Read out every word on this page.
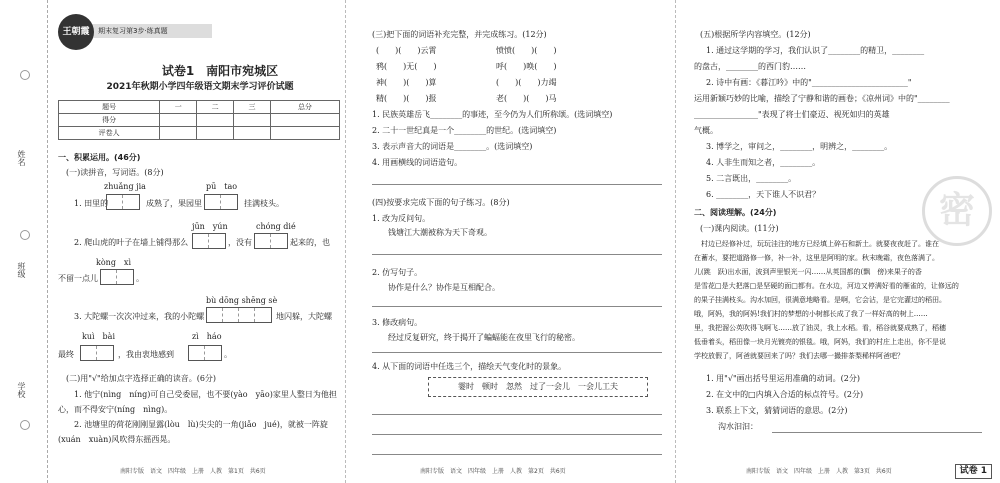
姓名
班级
学校
期末复习第3步·练真题
王朝霞
试卷1　南阳市宛城区
2021年秋期小学四年级语文期末学习评价试题
题号	一	二	三	总分
得分				
评卷人				
一、积累运用。(46分)
(一)读拼音，写词语。(8分)
zhuǎng jia	pū　tao
1. 田里的	成熟了，果园里	挂满枝头。
jūn　yún	chóng dié
2. 爬山虎的叶子在墙上铺得那么	，没有	起来的，也
kòng　xì
不留一点儿	。
bù dōng shēng sè
3. 大陀螺一次次冲过来，我的小陀螺	地闪躲，大陀螺
kuì　bài	zì　háo
最终	，我由衷地感到	。
(二)用"√"给加点字选择正确的读音。(6分)
1. 他宁(nìng　níng)可自己受委屈，也不要(yào　yāo)家里人整日为他担
心，而不得安宁(níng　nìng)。
2. 池塘里的荷花刚刚显露(lòu　lù)尖尖的一角(jiǎo　jué)，就被一阵旋
(xuán　xuàn)风吹得东摇西晃。
南阳专版　语文　四年级　上册　人教　第1页　共6页
(三)把下面的词语补充完整，并完成练习。(12分)
(　　)(　　)云霄	愤愤(　　)(　　)
鸦(　　)无(　　)	呼(　　)唤(　　)
神(　　)(　　)算	(　　)(　　)力竭
精(　　)(　　)报	老(　　)(　　)马
1. 民族英雄岳飞________的事迹，至今仍为人们所称颂。(选词填空)
2. 二十一世纪真是一个________的世纪。(选词填空)
3. 表示声音大的词语是________。(选词填空)
4. 用画横线的词语造句。
(四)按要求完成下面的句子练习。(8分)
1. 改为反问句。
钱塘江大潮被称为天下奇观。
2. 仿写句子。
协作是什么？协作是互相配合。
3. 修改病句。
经过反复研究，终于揭开了蝙蝠能在夜里飞行的秘密。
4. 从下面的词语中任选三个，描绘天气变化时的景象。
霎时　顿时　忽然　过了一会儿　一会儿工夫
南阳专版　语文　四年级　上册　人教　第2页　共6页
密
(五)根据所学内容填空。(12分)
1. 通过这学期的学习，我们认识了________的精卫，________
的盘古，________的西门豹……
2. 诗中有画：《暮江吟》中的"________________________"
运用新颖巧妙的比喻，描绘了宁静和谐的画卷；《凉州词》中的"________
________________"表现了将士们豪迈、视死如归的英雄
气概。
3. 博学之，审问之，________，明辨之，________。
4. 人非生而知之者，________。
5. 二言既出，________。
6. ________，天下谁人不识君？
二、阅读理解。(24分)
(一)课内阅读。(11分)
　村边已经修补过，玩玩洼注的地方已经填上碎石和新土。就要夜夜赶了。谁在
在蓄水，要把道路修一修，补一补，这里是阿明的家。秋末晚霜，夜色落满了。
儿(跳　跃)出水面，波到声里银光一闪……从英国都的(飘　傍)来果子的香
是雪花□是大把落□是坚硬的面□都有。在水边，河边又停满好看的雁雀的，让修远的
的果子挂满枝头。沟水加回，很满意地略看。是啊，它会沾，是它完灌过的稻田。
哦，阿妈，我的阿妈!我们村的梦想的小树都长成了我了一样好高的树上……
里，我把溜公英吹得飞啊飞……放了油灵，我上水稻。看，稻谷就要成熟了，稻穗
低垂着头，稻田像一块月光镀亮的银毯。哦，阿妈，我们的村庄上走出，你不是说
学校放假了，阿爸就要回来了吗？我们去哪一撮排茶梨稀样阿爸吧？
1. 用"√"画出括号里运用准确的动词。(2分)
2. 在文中的□内填入合适的标点符号。(2分)
3. 联系上下文，猜猜词语的意思。(2分)
沟水汩汩：
南阳专版　语文　四年级　上册　人教　第3页　共6页	试卷 1
